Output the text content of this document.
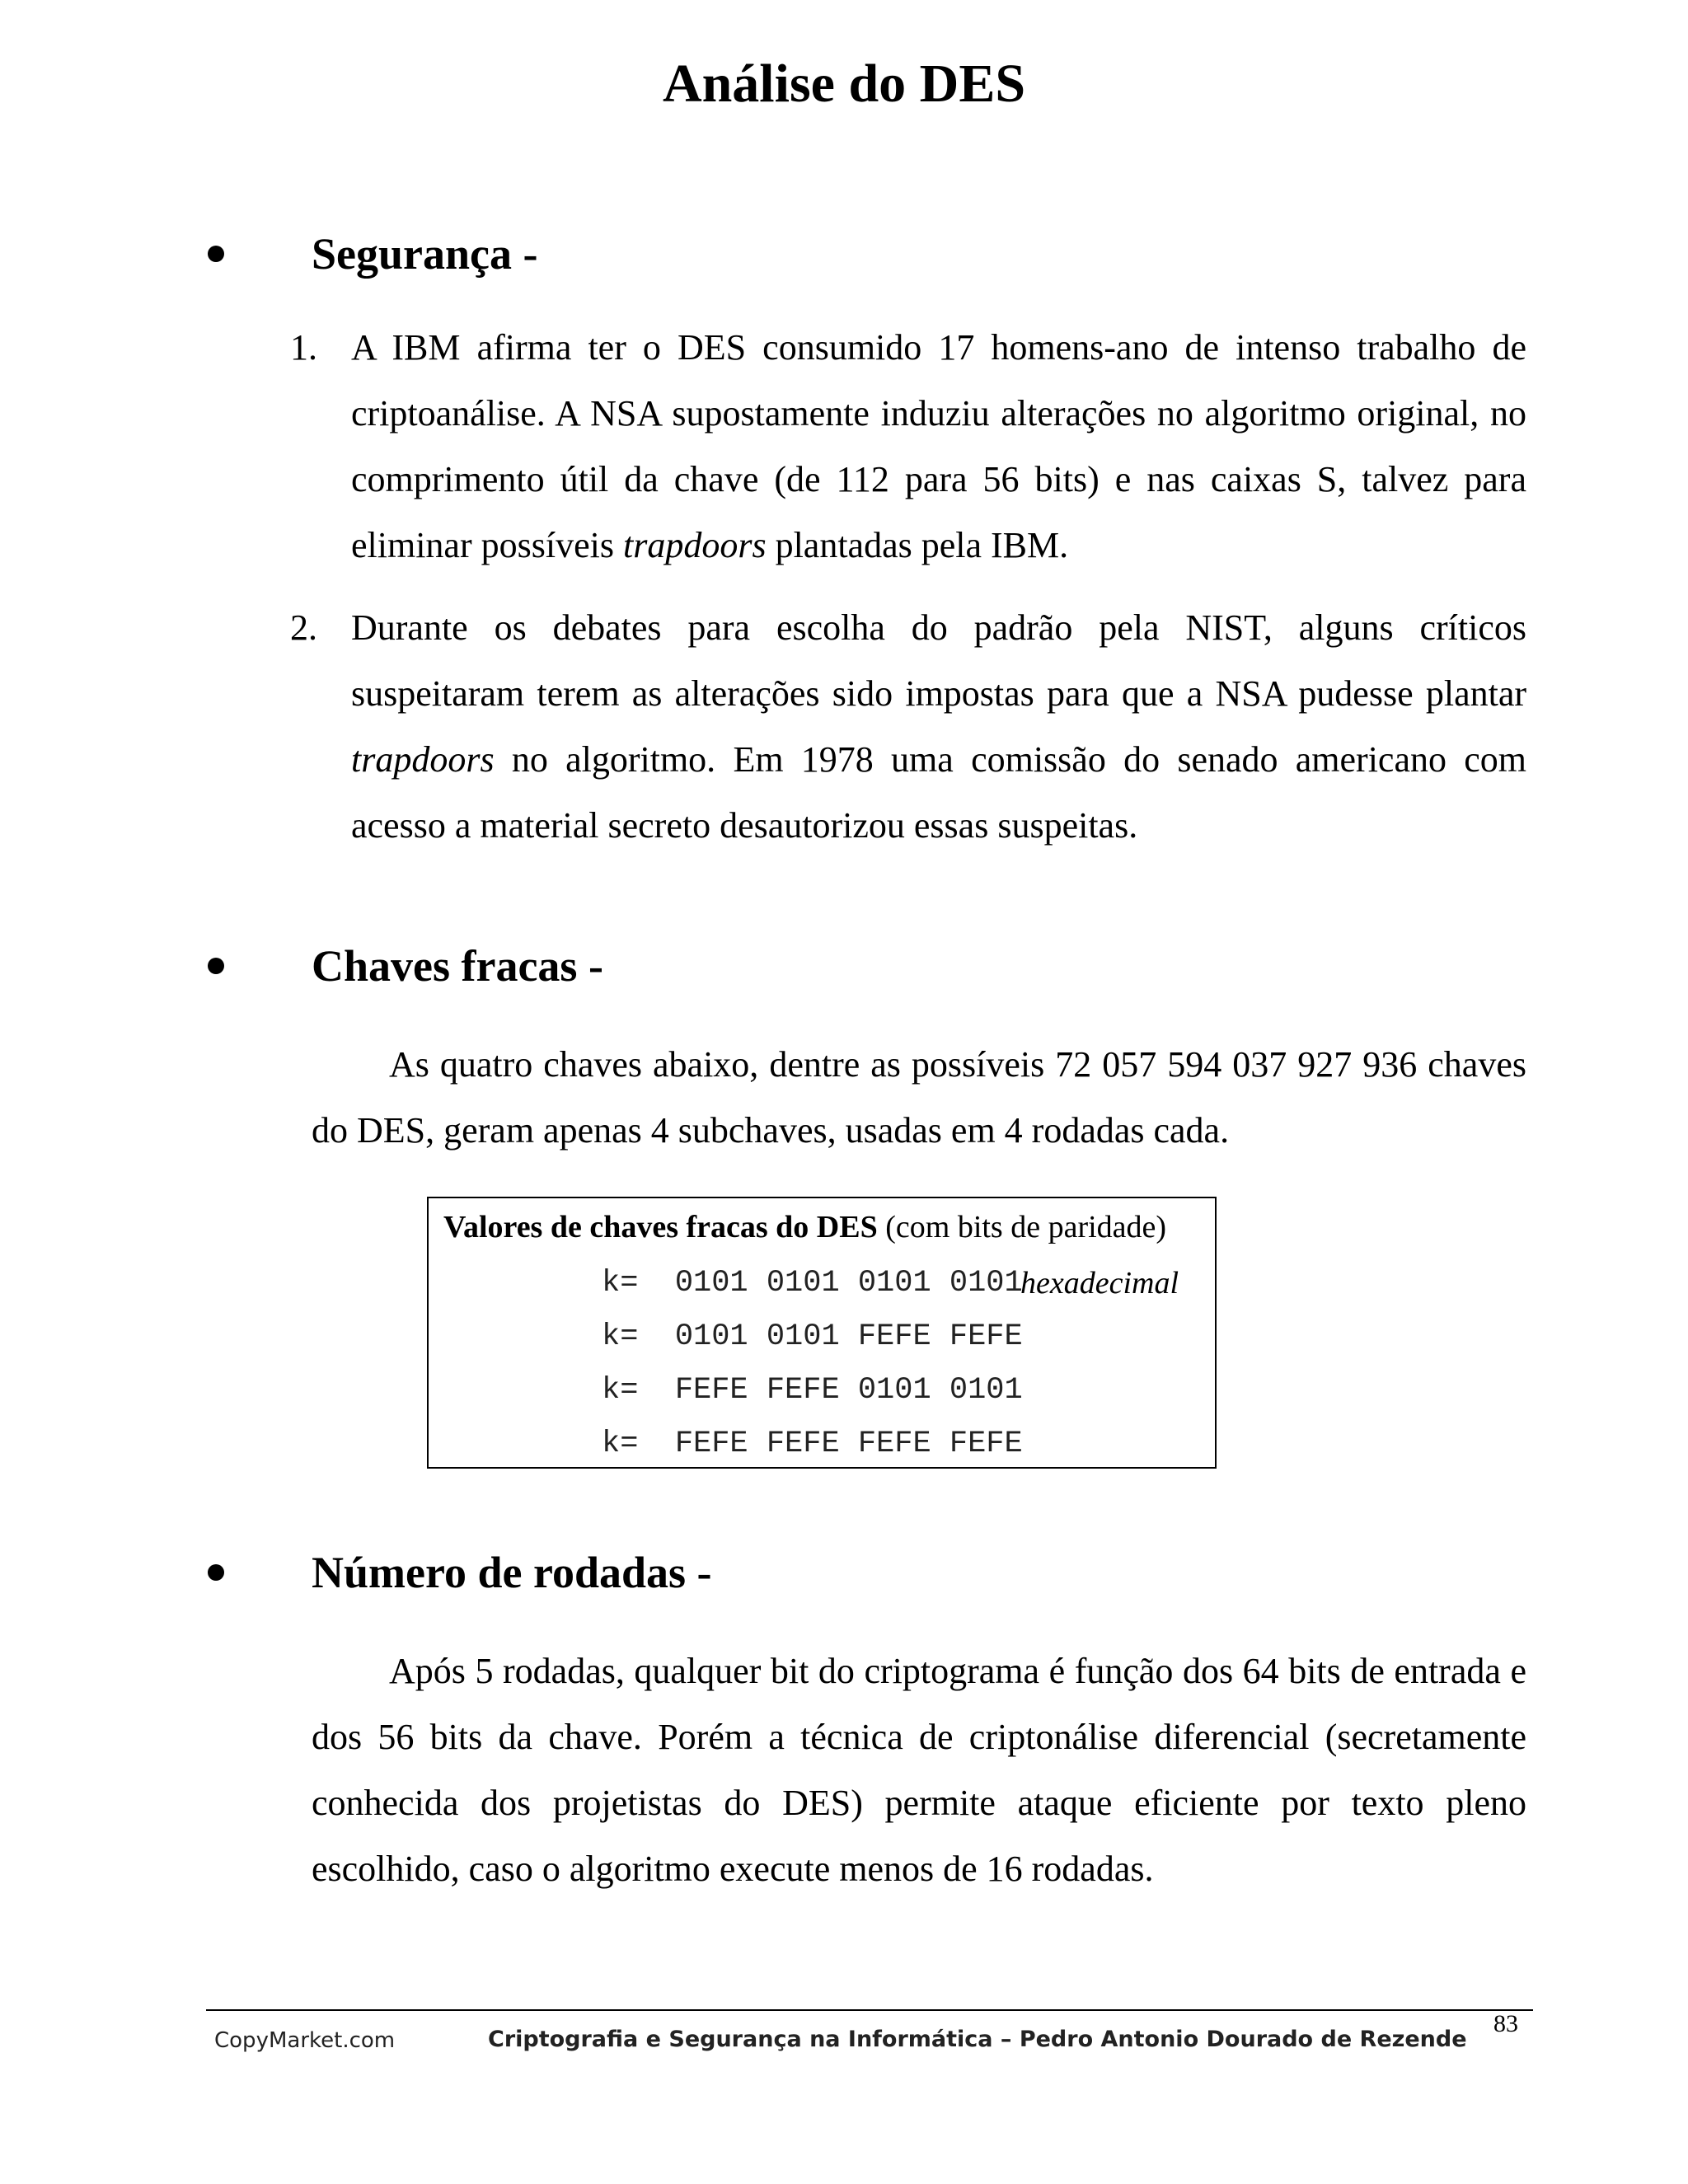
Análise do DES
Segurança -
1. A IBM afirma ter o DES consumido 17 homens-ano de intenso trabalho de criptoanálise. A NSA supostamente induziu alterações no algoritmo original, no comprimento útil da chave (de 112 para 56 bits) e nas caixas S, talvez para eliminar possíveis trapdoors plantadas pela IBM.
2. Durante os debates para escolha do padrão pela NIST, alguns críticos suspeitaram terem as alterações sido impostas para que a NSA pudesse plantar trapdoors no algoritmo. Em 1978 uma comissão do senado americano com acesso a material secreto desautorizou essas suspeitas.
Chaves fracas -

As quatro chaves abaixo, dentre as possíveis 72 057 594 037 927 936 chaves do DES, geram apenas 4 subchaves, usadas em 4 rodadas cada.

Valores de chaves fracas do DES (com bits de paridade)
k=  0101 0101 0101 0101
hexadecimal
k=  0101 0101 FEFE FEFE
k=  FEFE FEFE 0101 0101
k=  FEFE FEFE FEFE FEFE
Número de rodadas -

Após 5 rodadas, qualquer bit do criptograma é função dos 64 bits de entrada e dos 56 bits da chave. Porém a técnica de criptonálise diferencial (secretamente conhecida dos projetistas do DES) permite ataque eficiente por texto pleno escolhido, caso o algoritmo execute menos de 16 rodadas.

83
CopyMarket.com	Criptografia e Segurança na Informática – Pedro Antonio Dourado de Rezende
